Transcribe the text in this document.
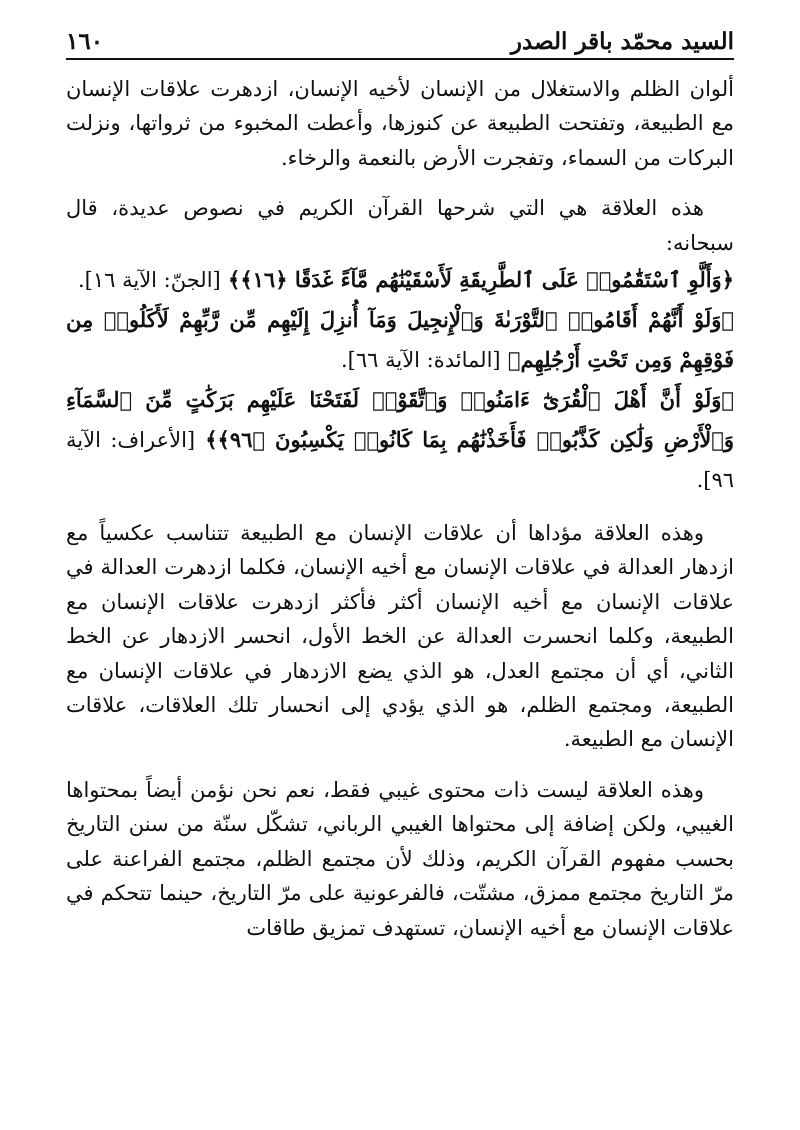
السيد محمّد باقر الصدر
١٦٠

ألوان الظلم والاستغلال من الإنسان لأخيه الإنسان، ازدهرت علاقات الإنسان مع الطبيعة، وتفتحت الطبيعة عن كنوزها، وأعطت المخبوء من ثرواتها، ونزلت البركات من السماء، وتفجرت الأرض بالنعمة والرخاء.

هذه العلاقة هي التي شرحها القرآن الكريم في نصوص عديدة، قال سبحانه:

﴿وَأَلَّوِ ٱسْتَقَٰمُوا۟ عَلَى ٱلطَّرِيقَةِ لَأَسْقَيْنَٰهُم مَّآءً غَدَقًا ﴿١٦﴾﴾ [الجنّ: الآية ١٦].

﴿وَلَوْ أَنَّهُمْ أَقَامُوا۟ ٱلتَّوْرَىٰةَ وَٱلْإِنجِيلَ وَمَآ أُنزِلَ إِلَيْهِم مِّن رَّبِّهِمْ لَأَكَلُوا۟ مِن فَوْقِهِمْ وَمِن تَحْتِ أَرْجُلِهِم﴾ [المائدة: الآية ٦٦].

﴿وَلَوْ أَنَّ أَهْلَ ٱلْقُرَىٰٓ ءَامَنُوا۟ وَٱتَّقَوْا۟ لَفَتَحْنَا عَلَيْهِم بَرَكَٰتٍ مِّنَ ٱلسَّمَآءِ وَٱلْأَرْضِ وَلَٰكِن كَذَّبُوا۟ فَأَخَذْنَٰهُم بِمَا كَانُوا۟ يَكْسِبُونَ ﴿٩٦﴾﴾ [الأعراف: الآية ٩٦].

وهذه العلاقة مؤداها أن علاقات الإنسان مع الطبيعة تتناسب عكسياً مع ازدهار العدالة في علاقات الإنسان مع أخيه الإنسان، فكلما ازدهرت العدالة في علاقات الإنسان مع أخيه الإنسان أكثر فأكثر ازدهرت علاقات الإنسان مع الطبيعة، وكلما انحسرت العدالة عن الخط الأول، انحسر الازدهار عن الخط الثاني، أي أن مجتمع العدل، هو الذي يضع الازدهار في علاقات الإنسان مع الطبيعة، ومجتمع الظلم، هو الذي يؤدي إلى انحسار تلك العلاقات، علاقات الإنسان مع الطبيعة.

وهذه العلاقة ليست ذات محتوى غيبي فقط، نعم نحن نؤمن أيضاً بمحتواها الغيبي، ولكن إضافة إلى محتواها الغيبي الرباني، تشكّل سنّة من سنن التاريخ بحسب مفهوم القرآن الكريم، وذلك لأن مجتمع الظلم، مجتمع الفراعنة على مرّ التاريخ مجتمع ممزق، مشتّت، فالفرعونية على مرّ التاريخ، حينما تتحكم في علاقات الإنسان مع أخيه الإنسان، تستهدف تمزيق طاقات
